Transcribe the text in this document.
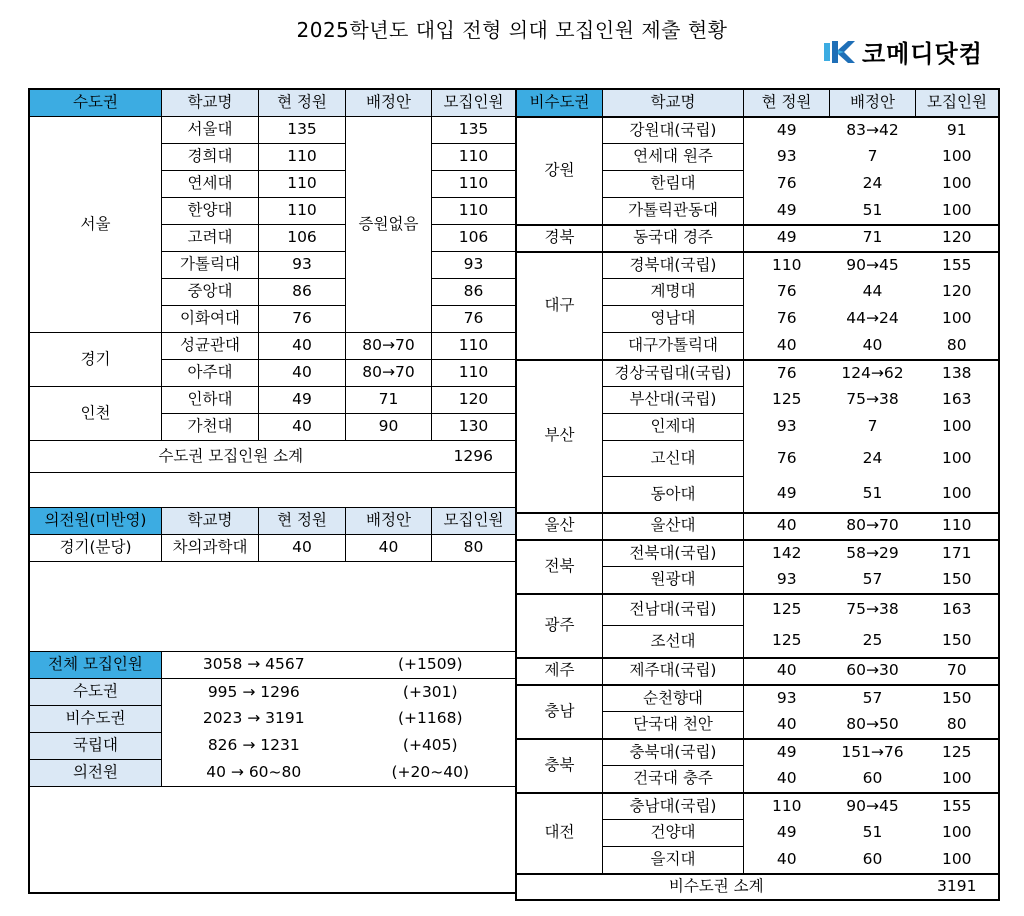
2025학년도 대입 전형 의대 모집인원 제출 현황
코메디닷컴
수도권	학교명	현 정원	배정안	모집인원
서울	서울대	135	증원없음	135
	경희대	110		110
	연세대	110		110
	한양대	110		110
	고려대	106		106
	가톨릭대	93		93
	중앙대	86		86
	이화여대	76		76
경기	성균관대	40	80→70	110
	아주대	40	80→70	110
인천	인하대	49	71	120
	가천대	40	90	130
수도권 모집인원 소계				1296

의전원(미반영)	학교명	현 정원	배정안	모집인원
경기(분당)	차의과학대	40	40	80

전체 모집인원	3058 → 4567		(+1509)	
수도권	995 → 1296		(+301)	
비수도권	2023 → 3191		(+1168)	
국립대	826 → 1231		(+405)	
의전원	40 → 60~80		(+20~40)	

비수도권	학교명	현 정원	배정안	모집인원
강원	강원대(국립)	49	83→42	91
	연세대 원주	93	7	100
	한림대	76	24	100
	가톨릭관동대	49	51	100
경북	동국대 경주	49	71	120
대구	경북대(국립)	110	90→45	155
	계명대	76	44	120
	영남대	76	44→24	100
	대구가톨릭대	40	40	80
부산	경상국립대(국립)	76	124→62	138
	부산대(국립)	125	75→38	163
	인제대	93	7	100
	고신대	76	24	100
	동아대	49	51	100
울산	울산대	40	80→70	110
전북	전북대(국립)	142	58→29	171
	원광대	93	57	150
광주	전남대(국립)	125	75→38	163
	조선대	125	25	150
제주	제주대(국립)	40	60→30	70
충남	순천향대	93	57	150
	단국대 천안	40	80→50	80
충북	충북대(국립)	49	151→76	125
	건국대 충주	40	60	100
대전	충남대(국립)	110	90→45	155
	건양대	49	51	100
	을지대	40	60	100
비수도권 소계				3191
